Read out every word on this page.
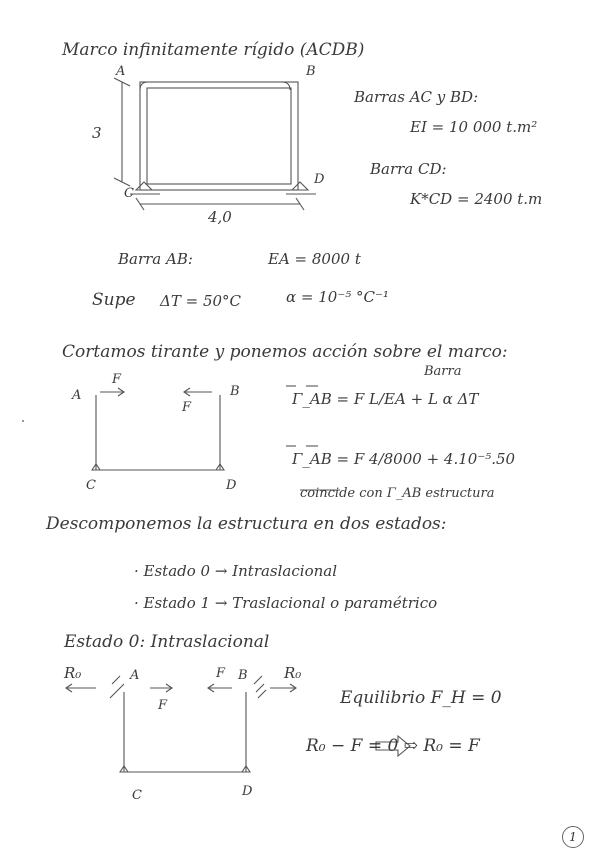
Marco infinitamente rígido (ACDB)
A	B
C
D
3
4,0
Barras AC y BD:
EI = 10 000 t.m²
Barra CD:
K*CD = 2400 t.m
Barra AB:	EA = 8000 t
Supe ΔT = 50°C	α = 10⁻⁵ °C⁻¹
Cortamos tirante y ponemos acción sobre el marco:
Barra
A	B
C	D
F
F	Γ_AB = F L/EA + L α ΔT
Γ_AB = F 4/8000 + 4.10⁻⁵.50
coincide con Γ_AB estructura
Descomponemos la estructura en dos estados:
· Estado 0 → Intraslacional
· Estado 1 → Traslacional o paramétrico
Estado 0: Intraslacional
A	B
C	D
R₀	R₀
F
F
Equilibrio F_H = 0
R₀ − F = 0 ⇨ R₀ = F
1
